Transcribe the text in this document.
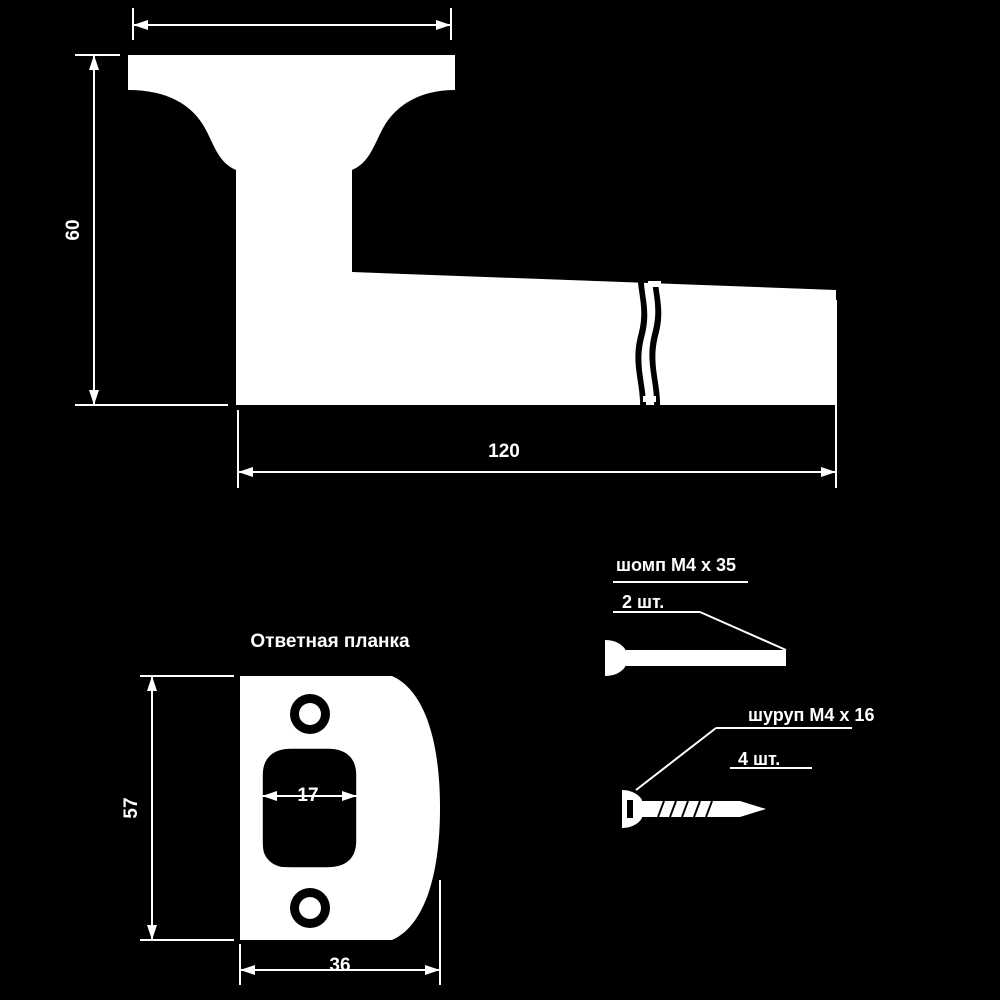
60
120
Ответная планка
57
36
17
28
шомп M4 x 35
2 шт.
шуруп M4 x 16
4 шт.
